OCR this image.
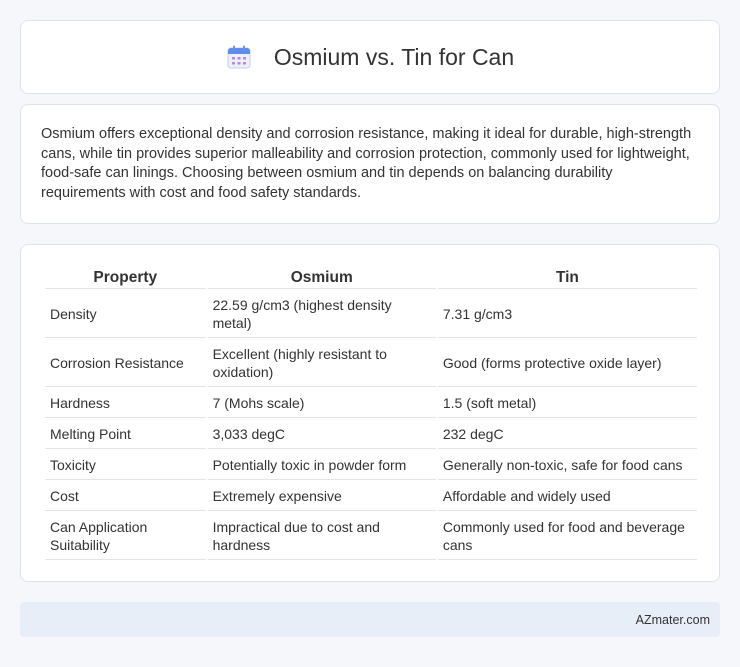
Osmium vs. Tin for Can

Osmium offers exceptional density and corrosion resistance, making it ideal for durable, high-strength cans, while tin provides superior malleability and corrosion protection, commonly used for lightweight, food-safe can linings. Choosing between osmium and tin depends on balancing durability requirements with cost and food safety standards.

Property	Osmium	Tin
Density	22.59 g/cm3 (highest density metal)	7.31 g/cm3
Corrosion Resistance	Excellent (highly resistant to oxidation)	Good (forms protective oxide layer)
Hardness	7 (Mohs scale)	1.5 (soft metal)
Melting Point	3,033 degC	232 degC
Toxicity	Potentially toxic in powder form	Generally non-toxic, safe for food cans
Cost	Extremely expensive	Affordable and widely used
Can Application Suitability	Impractical due to cost and hardness	Commonly used for food and beverage cans
AZmater.com
